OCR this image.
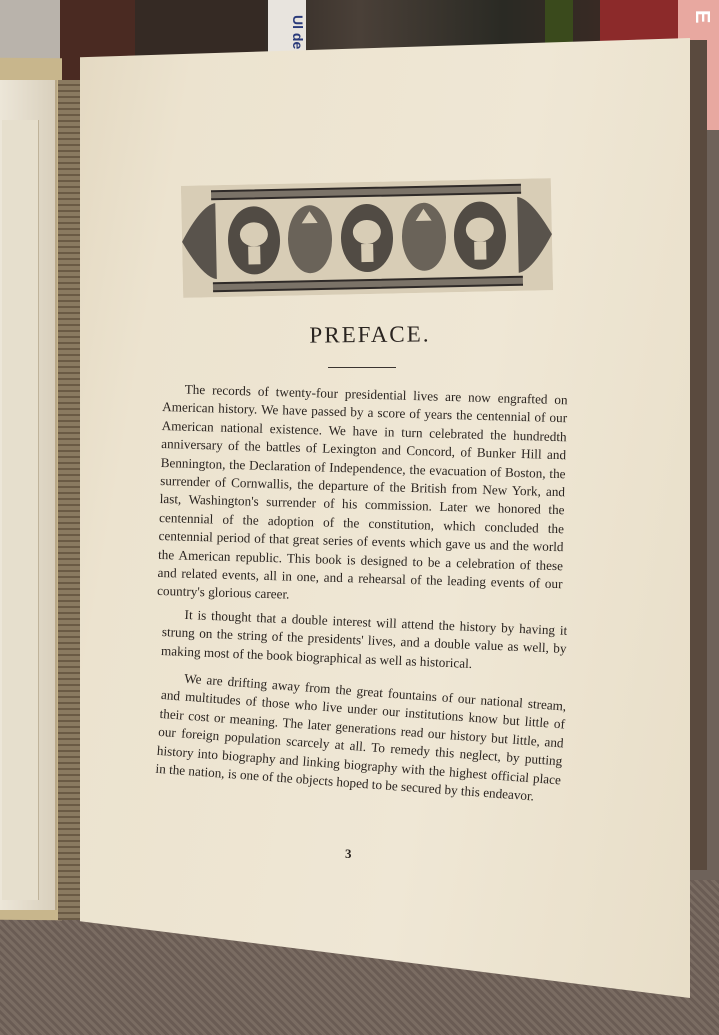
Ul de	E
PREFACE.

The records of twenty-four presidential lives are now engrafted on American history. We have passed by a score of years the centennial of our American national existence. We have in turn celebrated the hundredth anniversary of the battles of Lexington and Concord, of Bunker Hill and Bennington, the Declaration of Independence, the evacuation of Boston, the surrender of Cornwallis, the departure of the British from New York, and last, Washington's surrender of his commission. Later we honored the centennial of the adoption of the constitution, which concluded the centennial period of that great series of events which gave us and the world the American republic. This book is designed to be a celebration of these and related events, all in one, and a rehearsal of the leading events of our country's glorious career.

It is thought that a double interest will attend the history by having it strung on the string of the presidents' lives, and a double value as well, by making most of the book biographical as well as historical.

We are drifting away from the great fountains of our national stream, and multitudes of those who live under our institutions know but little of their cost or meaning. The later generations read our history but little, and our foreign population scarcely at all. To remedy this neglect, by putting history into biography and linking biography with the highest official place in the nation, is one of the objects hoped to be secured by this endeavor.

3
